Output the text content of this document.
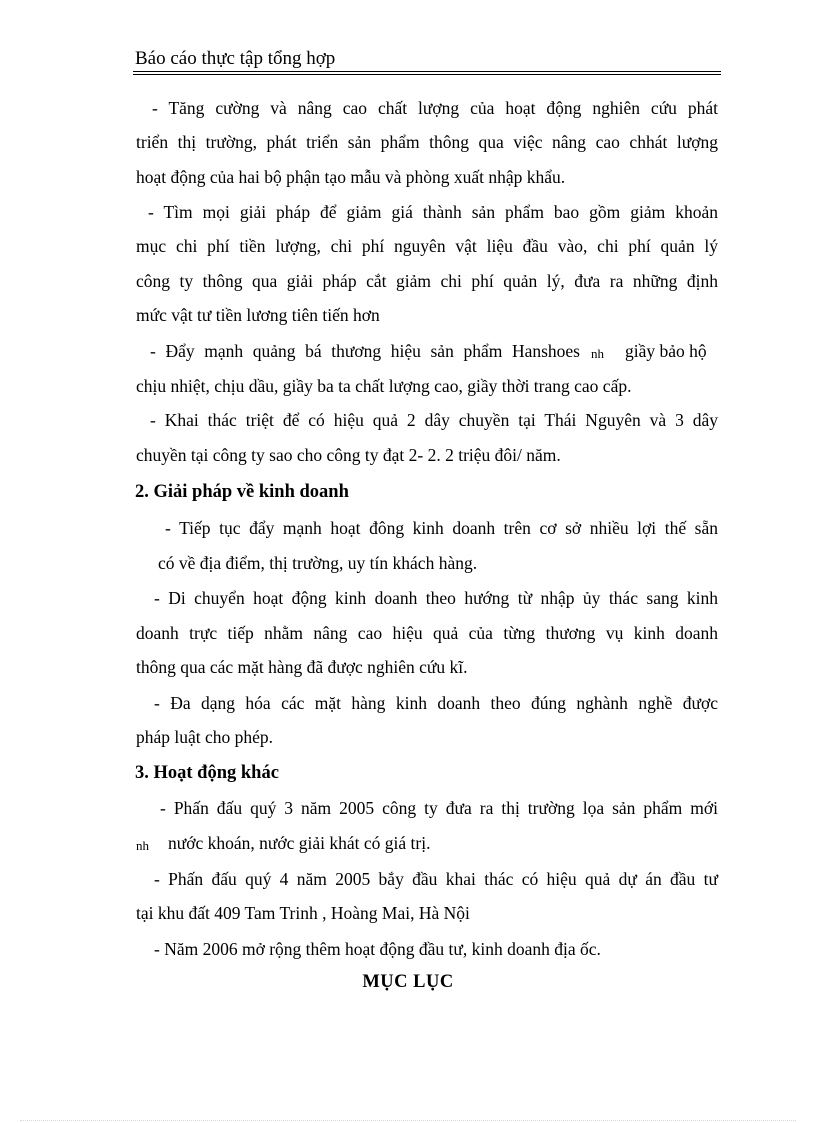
Báo cáo thực tập tổng hợp

- Tăng cường và nâng cao chất lượng của hoạt động nghiên cứu phát

triển thị trường, phát triển sản phẩm thông qua việc nâng cao chhát lượng

hoạt động của hai bộ phận tạo mẫu và phòng xuất nhập khẩu.

- Tìm mọi giải pháp để giảm giá thành sản phẩm bao gồm giảm khoản

mục chi phí tiền lượng, chi phí nguyên vật liệu đầu vào, chi phí quản lý

công ty thông qua giải pháp cắt giảm chi phí quản lý, đưa ra những định

mức vật tư tiền lương tiên tiến hơn

- Đẩy mạnh quảng bá thương hiệu sản phẩm Hanshoes nh giầy bảo hộ

chịu nhiệt, chịu dầu, giầy ba ta chất lượng cao, giầy thời trang cao cấp.

- Khai thác triệt để có hiệu quả 2 dây chuyền tại Thái Nguyên và 3 dây

chuyền tại công ty sao cho công ty đạt 2- 2. 2 triệu đôi/ năm.

2. Giải pháp về kinh doanh

- Tiếp tục đẩy mạnh hoạt đông kinh doanh trên cơ sở nhiều lợi thế sẵn

có về địa điểm, thị trường, uy tín khách hàng.

- Di chuyển hoạt động kinh doanh theo hướng từ nhập ủy thác sang kinh

doanh trực tiếp nhằm nâng cao hiệu quả của từng thương vụ kinh doanh

thông qua các mặt hàng đã được nghiên cứu kĩ.

- Đa dạng hóa các mặt hàng kinh doanh theo đúng nghành nghề được

pháp luật cho phép.

3. Hoạt động khác

- Phấn đấu quý 3 năm 2005 công ty đưa ra thị trường lọa sản phẩm mới

nh nước khoán, nước giải khát có giá trị.

- Phấn đấu quý 4 năm 2005 bắy đầu khai thác có hiệu quả dự án đầu tư

tại khu đất 409 Tam Trinh , Hoàng Mai, Hà Nội

- Năm 2006 mở rộng thêm hoạt động đầu tư, kinh doanh địa ốc.

MỤC LỤC
